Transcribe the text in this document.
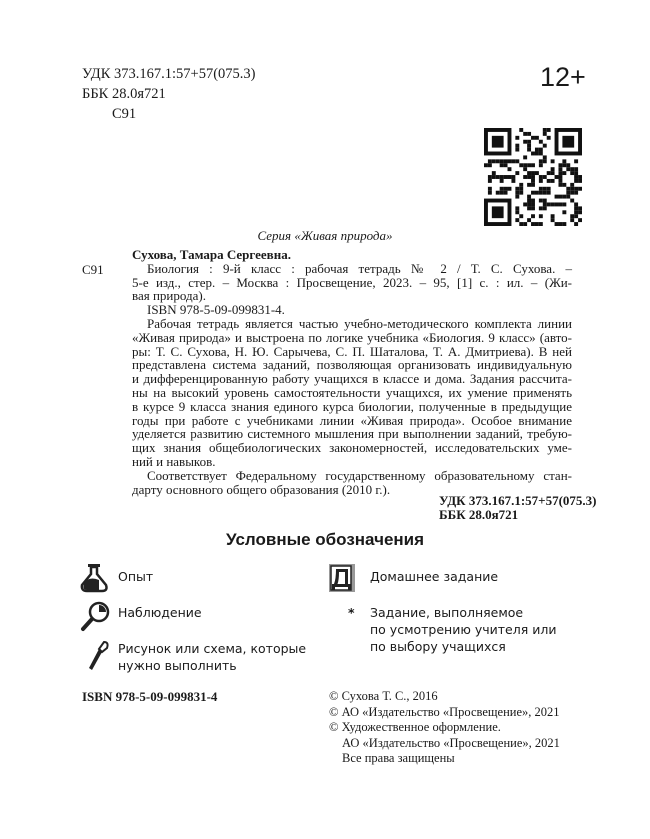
УДК 373.167.1:57+57(075.3)
ББК 28.0я721
С91
12+
Серия «Живая природа»
С91
Сухова, Тамара Сергеевна.
Биология : 9-й класс : рабочая тетрадь № 2 / Т. С. Сухова. –
5-е изд., стер. – Москва : Просвещение, 2023. – 95, [1] с. : ил. – (Жи-
вая природа).
ISBN 978-5-09-099831-4.
Рабочая тетрадь является частью учебно-методического комплекта линии
«Живая природа» и выстроена по логике учебника «Биология. 9 класс» (авто-
ры: Т. С. Сухова, Н. Ю. Сарычева, С. П. Шаталова, Т. А. Дмитриева). В ней
представлена система заданий, позволяющая организовать индивидуальную
и дифференцированную работу учащихся в классе и дома. Задания рассчита-
ны на высокий уровень самостоятельности учащихся, их умение применять
в курсе 9 класса знания единого курса биологии, полученные в предыдущие
годы при работе с учебниками линии «Живая природа». Особое внимание
уделяется развитию системного мышления при выполнении заданий, требую-
щих знания общебиологических закономерностей, исследовательских уме-
ний и навыков.
Соответствует Федеральному государственному образовательному стан-
дарту основного общего образования (2010 г.).
УДК 373.167.1:57+57(075.3)
ББК 28.0я721
Условные обозначения
Опыт
Наблюдение
Рисунок или схема, которые
нужно выполнить
Домашнее задание
* Задание, выполняемое
по усмотрению учителя или
по выбору учащихся
ISBN 978-5-09-099831-4	© Сухова Т. С., 2016
© АО «Издательство «Просвещение», 2021
© Художественное оформление.
АО «Издательство «Просвещение», 2021
Все права защищены
